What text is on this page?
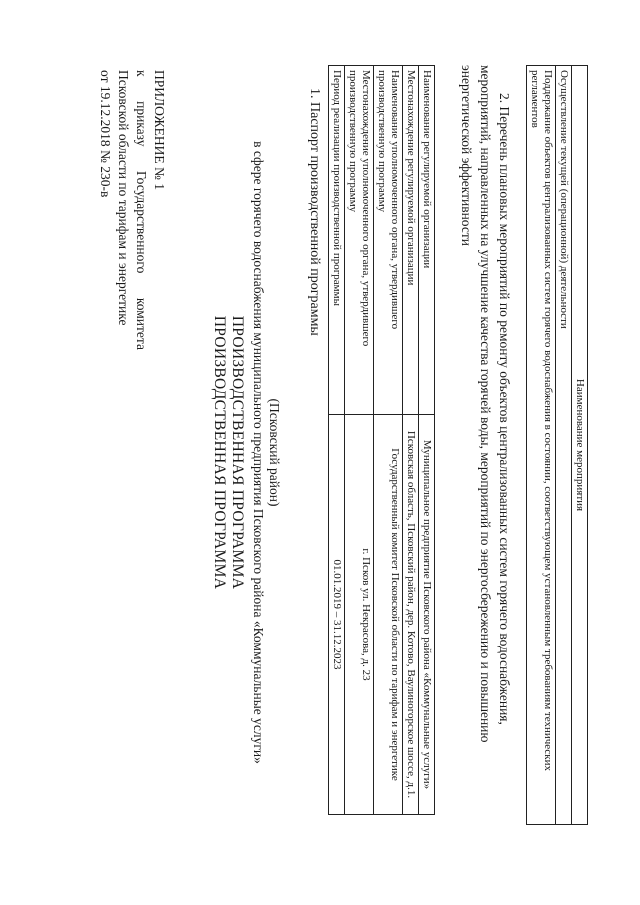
ПРИЛОЖЕНИЕ № 1
к
приказу
Государственного
комитета
Псковской области по тарифам и энергетике
от 19.12.2018 № 230-в
ПРОИЗВОДСТВЕННАЯ ПРОГРАММА ПРОИЗВОДСТВЕННАЯ ПРОГРАММА в сфере горячего водоснабжения муниципального предприятия Псковского района «Коммунальные услуги» (Псковский район)
1. Паспорт производственной программы	Наименование регулируемой организации	Муниципальное предприятие Псковского района «Коммунальные услуги»
Местонахождение регулируемой организации	Псковская область, Псковский район, дер. Котово, Ваулиногорское шоссе, д.1.
Наименование уполномоченного органа, утвердившего производственную программу	Государственный комитет Псковской области по тарифам и энергетике
Местонахождение уполномоченного органа, утвердившего производственную программу	г. Псков ул. Некрасова, д. 23
Период реализации производственной программы	01.01.2019 – 31.12.2023	2. Перечень плановых мероприятий по ремонту объектов централизованных систем горячего водоснабжения,
мероприятий, направленных на улучшение качества горячей воды, мероприятий по энергосбережению и повышению
энергетической эффективности
Наименование мероприятия
Осуществление текущей (операционной) деятельности
Поддержание объектов централизованных систем горячего водоснабжения в состоянии, соответствующем установленным требованиям технических регламентов
